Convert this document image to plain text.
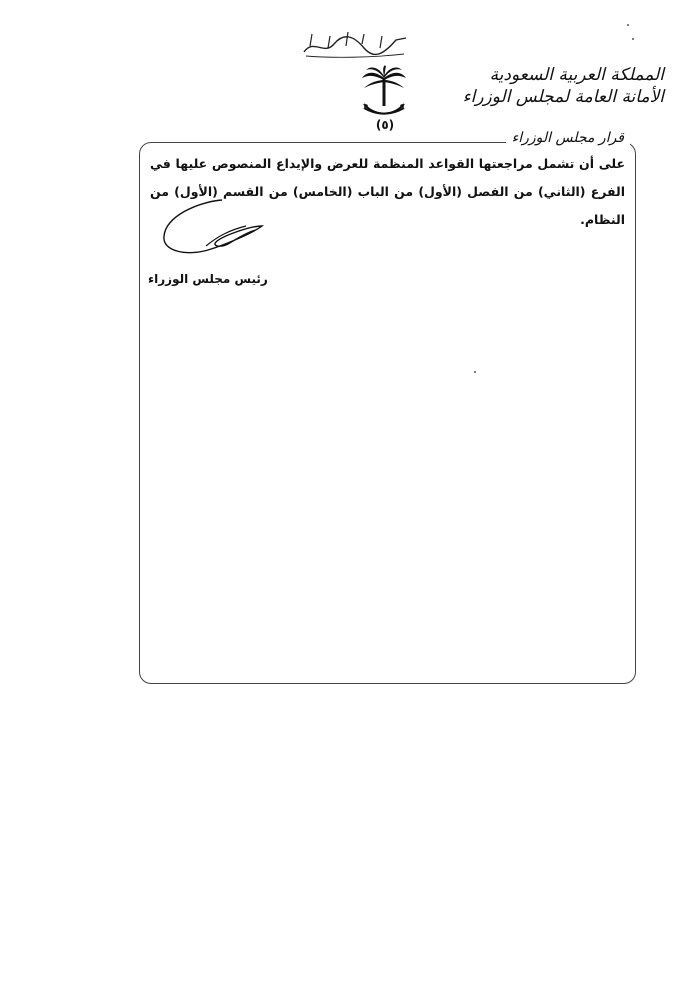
(٥)
المملكة العربية السعودية
الأمانة العامة لمجلس الوزراء
قرار مجلس الوزراء
على أن تشمل مراجعتها القواعد المنظمة للعرض والإيداع المنصوص عليها في الفرع (الثاني) من الفصل (الأول) من الباب (الخامس) من القسم (الأول) من النظام.
رئيس مجلس الوزراء
